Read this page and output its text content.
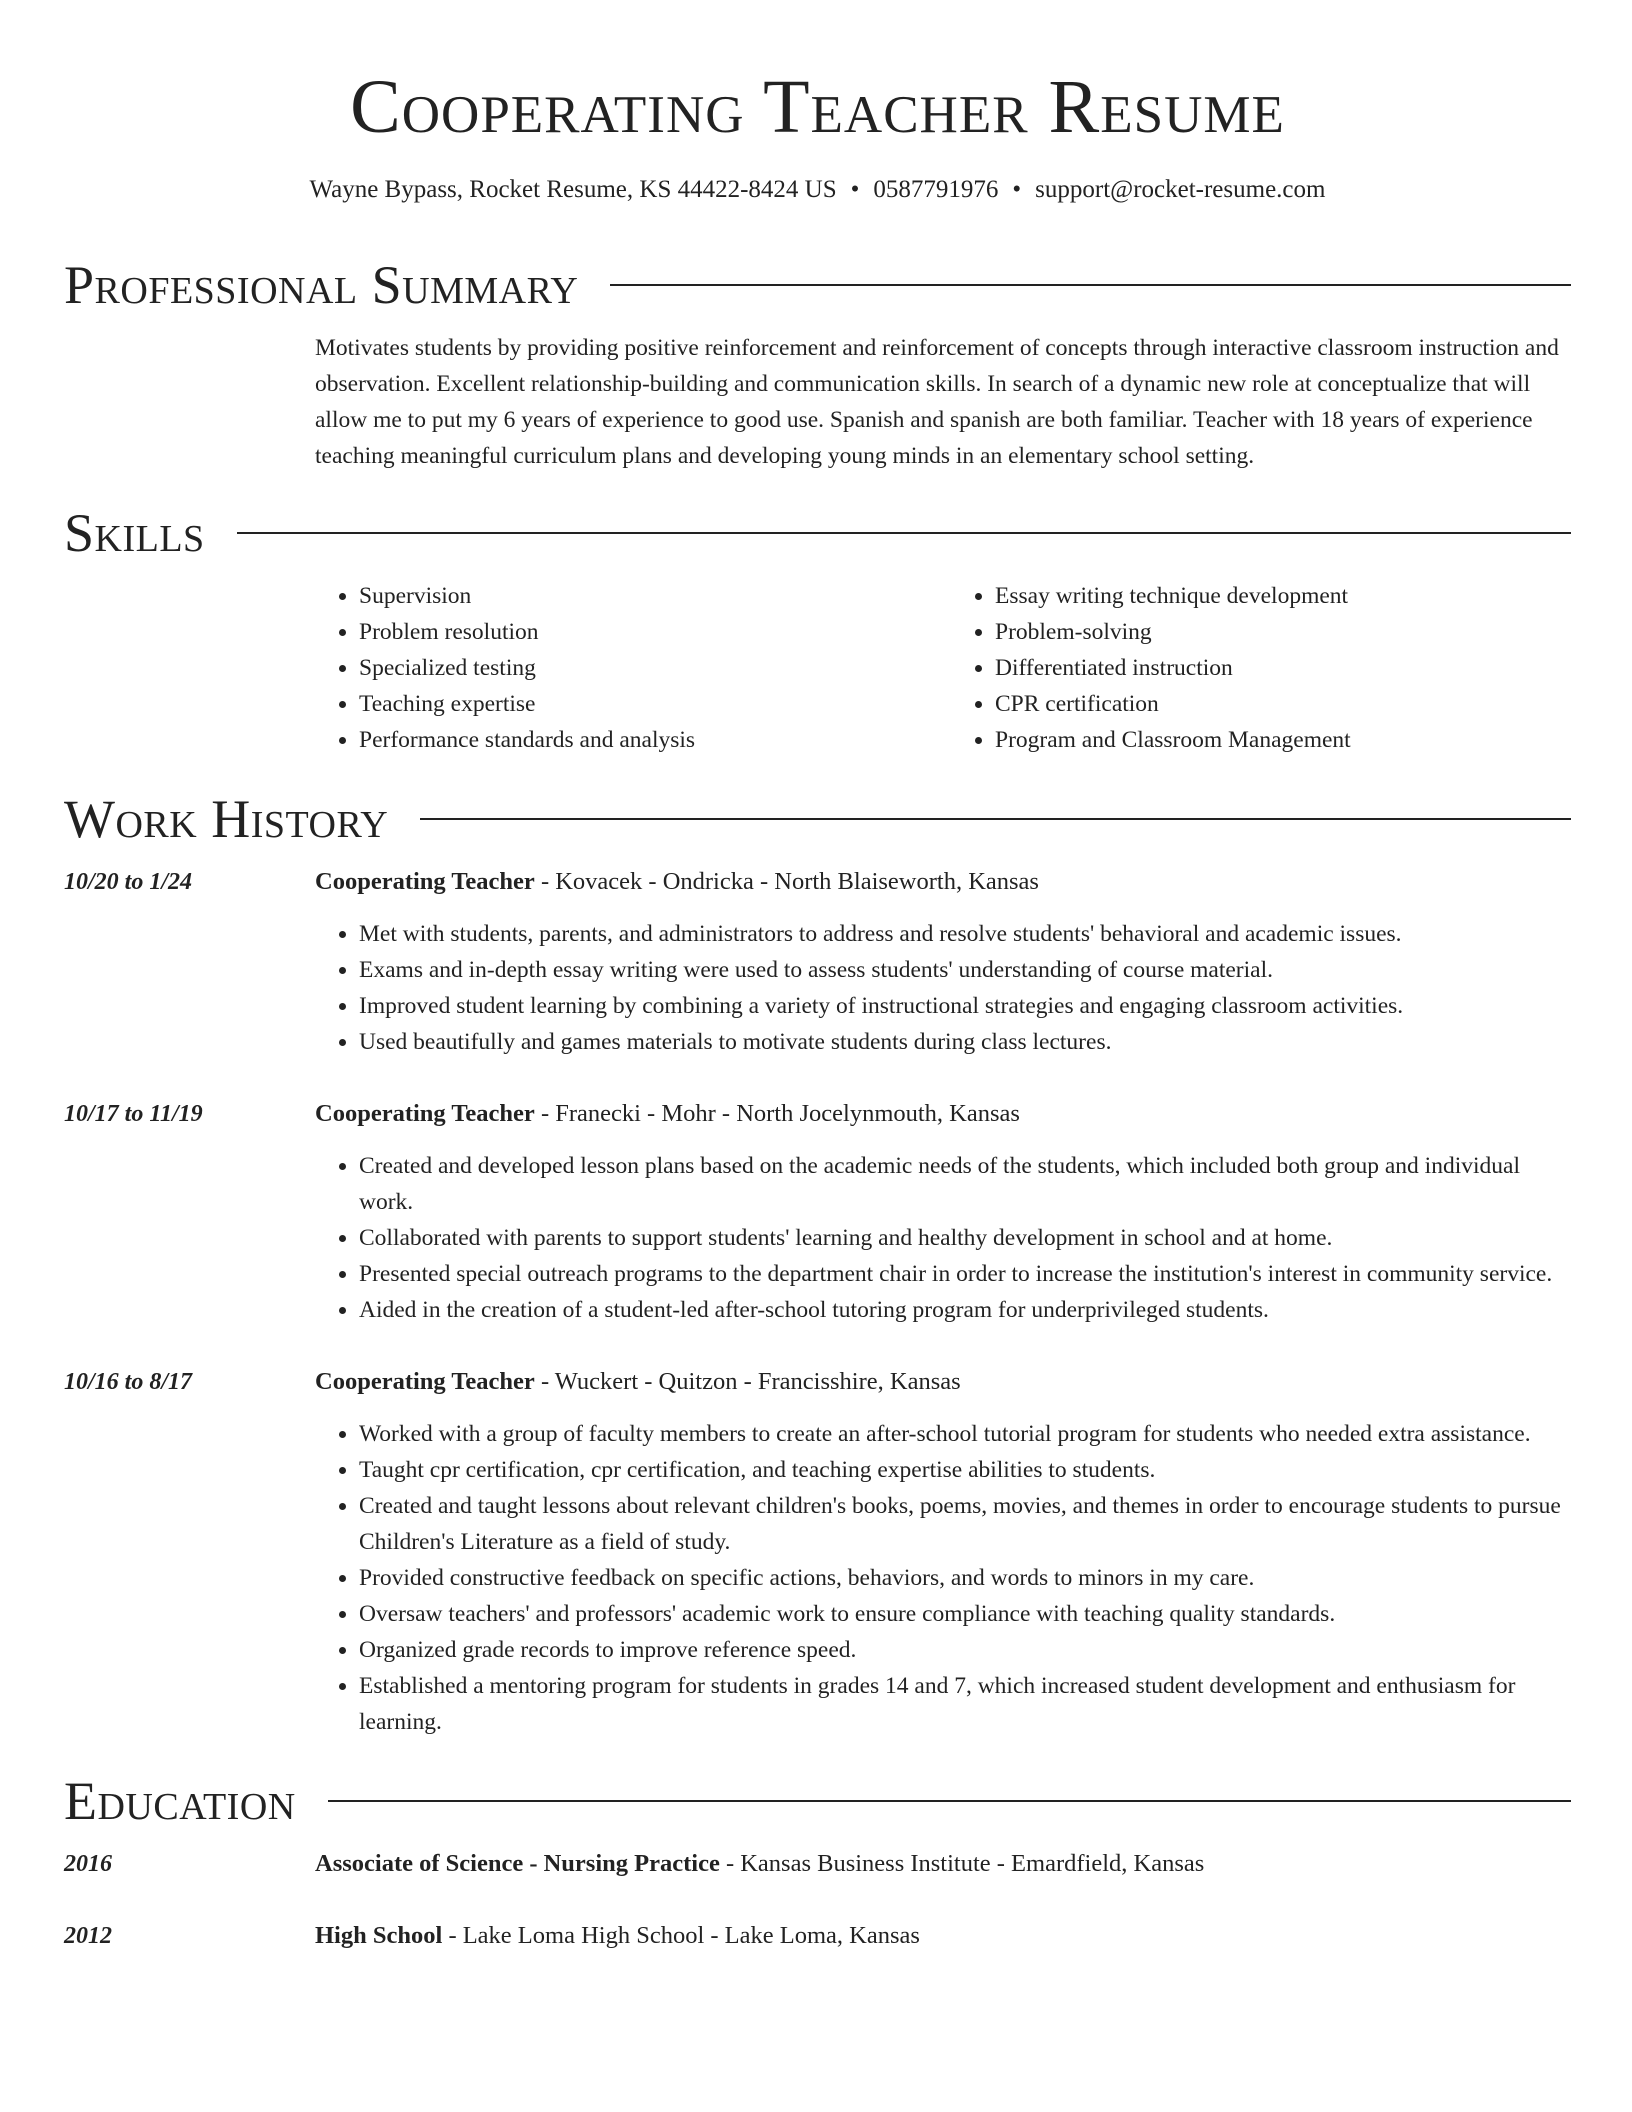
Cooperating Teacher Resume
Wayne Bypass, Rocket Resume, KS 44422-8424 US • 0587791976 • support@rocket-resume.com
Professional Summary
Motivates students by providing positive reinforcement and reinforcement of concepts through interactive classroom instruction and observation. Excellent relationship-building and communication skills. In search of a dynamic new role at conceptualize that will allow me to put my 6 years of experience to good use. Spanish and spanish are both familiar. Teacher with 18 years of experience teaching meaningful curriculum plans and developing young minds in an elementary school setting.
Skills
• Supervision
• Problem resolution
• Specialized testing
• Teaching expertise
• Performance standards and analysis
• Essay writing technique development
• Problem-solving
• Differentiated instruction
• CPR certification
• Program and Classroom Management
Work History
10/20 to 1/24	Cooperating Teacher - Kovacek - Ondricka - North Blaiseworth, Kansas
• Met with students, parents, and administrators to address and resolve students' behavioral and academic issues.
• Exams and in-depth essay writing were used to assess students' understanding of course material.
• Improved student learning by combining a variety of instructional strategies and engaging classroom activities.
• Used beautifully and games materials to motivate students during class lectures.
10/17 to 11/19	Cooperating Teacher - Franecki - Mohr - North Jocelynmouth, Kansas
• Created and developed lesson plans based on the academic needs of the students, which included both group and individual work.
• Collaborated with parents to support students' learning and healthy development in school and at home.
• Presented special outreach programs to the department chair in order to increase the institution's interest in community service.
• Aided in the creation of a student-led after-school tutoring program for underprivileged students.
10/16 to 8/17	Cooperating Teacher - Wuckert - Quitzon - Francisshire, Kansas
• Worked with a group of faculty members to create an after-school tutorial program for students who needed extra assistance.
• Taught cpr certification, cpr certification, and teaching expertise abilities to students.
• Created and taught lessons about relevant children's books, poems, movies, and themes in order to encourage students to pursue Children's Literature as a field of study.
• Provided constructive feedback on specific actions, behaviors, and words to minors in my care.
• Oversaw teachers' and professors' academic work to ensure compliance with teaching quality standards.
• Organized grade records to improve reference speed.
• Established a mentoring program for students in grades 14 and 7, which increased student development and enthusiasm for learning.
Education
2016	Associate of Science - Nursing Practice - Kansas Business Institute - Emardfield, Kansas
2012	High School - Lake Loma High School - Lake Loma, Kansas
